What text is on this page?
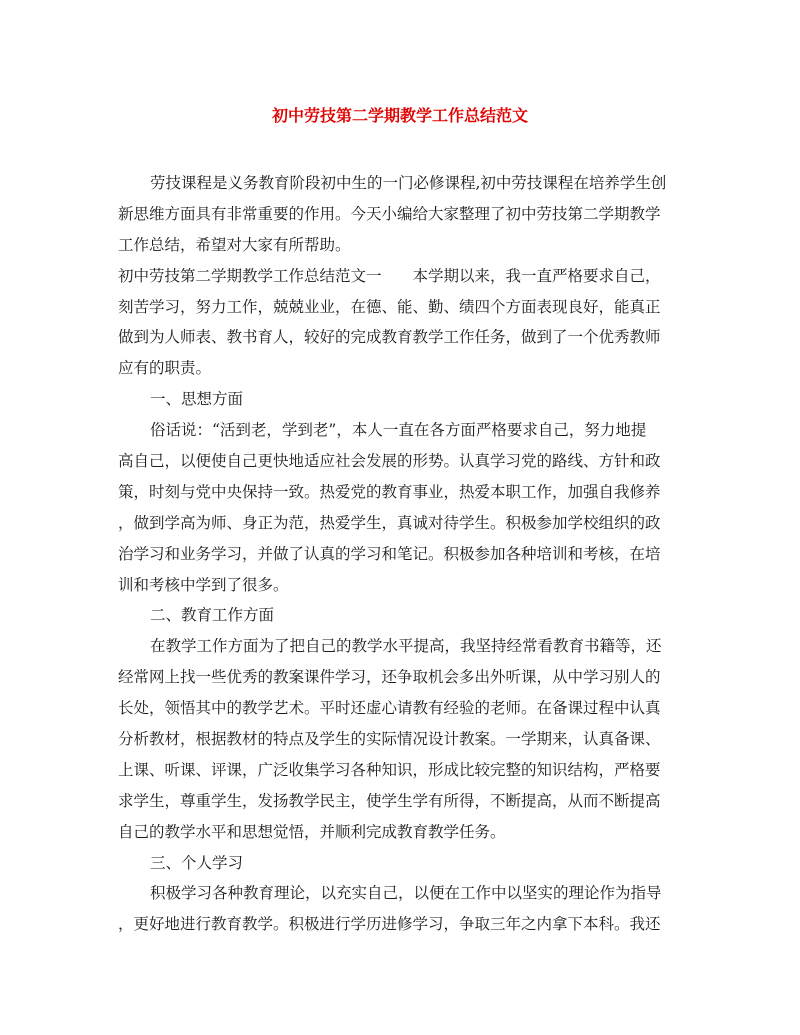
初中劳技第二学期教学工作总结范文
劳技课程是义务教育阶段初中生的一门必修课程,初中劳技课程在培养学生创
新思维方面具有非常重要的作用。今天小编给大家整理了初中劳技第二学期教学
工作总结，希望对大家有所帮助。
初中劳技第二学期教学工作总结范文一　　本学期以来，我一直严格要求自己，
刻苦学习，努力工作，兢兢业业，在德、能、勤、绩四个方面表现良好，能真正
做到为人师表、教书育人，较好的完成教育教学工作任务，做到了一个优秀教师
应有的职责。
一、思想方面
俗话说：“活到老，学到老”，本人一直在各方面严格要求自己，努力地提
高自己，以便使自己更快地适应社会发展的形势。认真学习党的路线、方针和政
策，时刻与党中央保持一致。热爱党的教育事业，热爱本职工作，加强自我修养
，做到学高为师、身正为范，热爱学生，真诚对待学生。积极参加学校组织的政
治学习和业务学习，并做了认真的学习和笔记。积极参加各种培训和考核，在培
训和考核中学到了很多。
二、教育工作方面
在教学工作方面为了把自己的教学水平提高，我坚持经常看教育书籍等，还
经常网上找一些优秀的教案课件学习，还争取机会多出外听课，从中学习别人的
长处，领悟其中的教学艺术。平时还虚心请教有经验的老师。在备课过程中认真
分析教材，根据教材的特点及学生的实际情况设计教案。一学期来，认真备课、
上课、听课、评课，广泛收集学习各种知识，形成比较完整的知识结构，严格要
求学生，尊重学生，发扬教学民主，使学生学有所得，不断提高，从而不断提高
自己的教学水平和思想觉悟，并顺利完成教育教学任务。
三、个人学习
积极学习各种教育理论，以充实自己，以便在工作中以坚实的理论作为指导
，更好地进行教育教学。积极进行学历进修学习，争取三年之内拿下本科。我还
